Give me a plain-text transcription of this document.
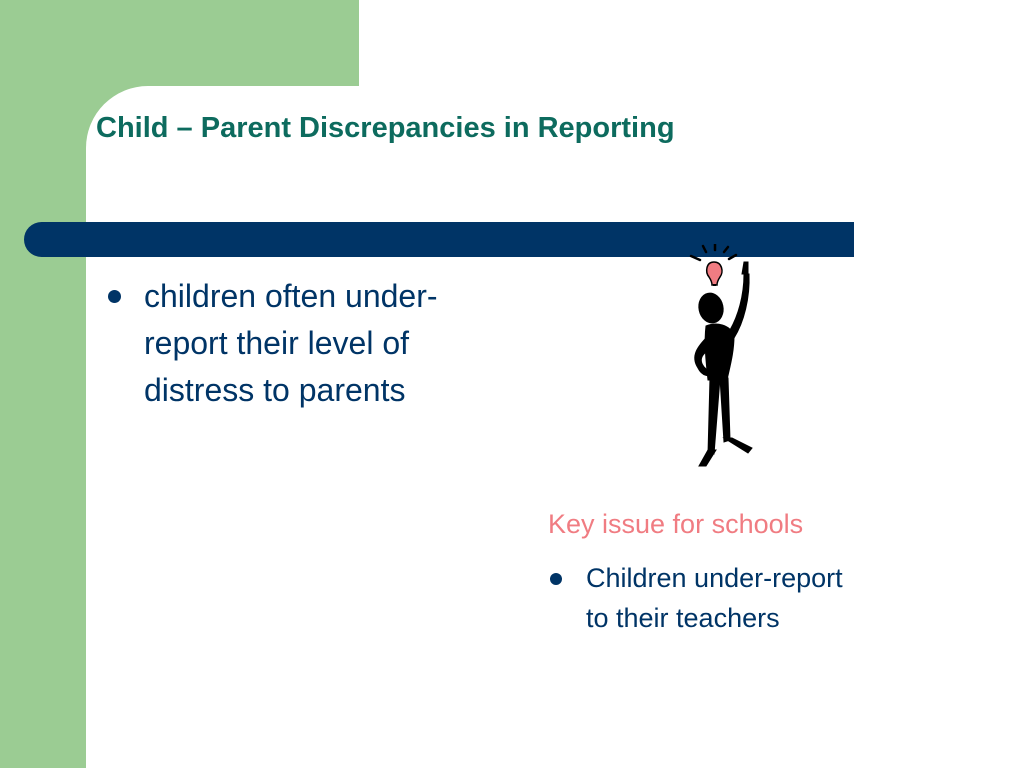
Child – Parent Discrepancies in Reporting
children often under-report their level of distress to parents

Key issue for schools

Children under-report to their teachers
